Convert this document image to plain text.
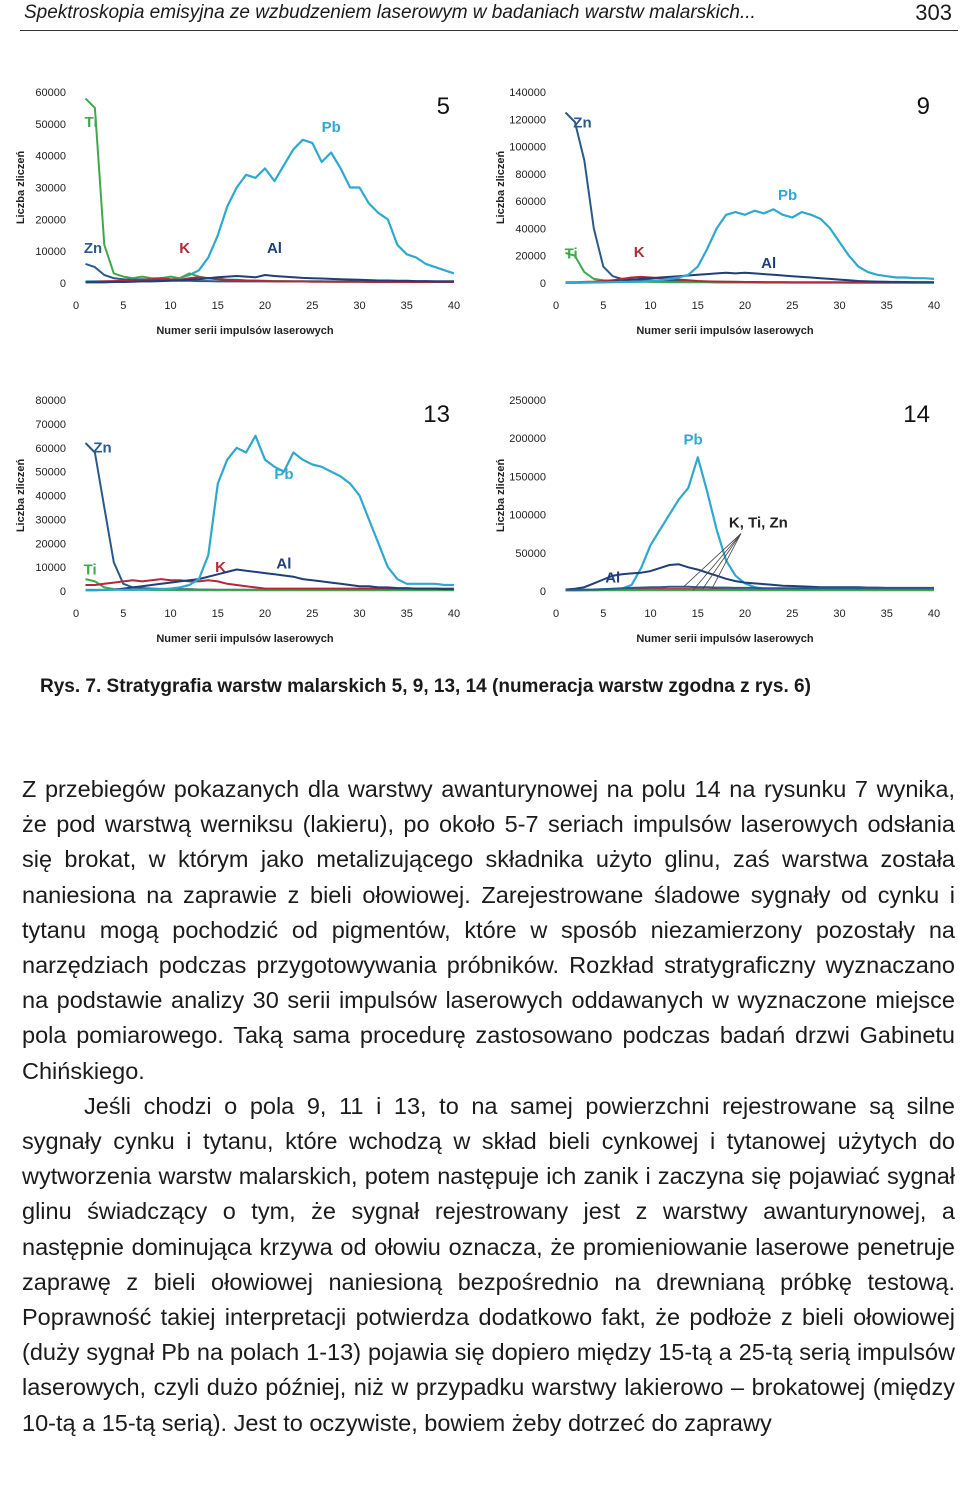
Spektroskopia emisyjna ze wzbudzeniem laserowym w badaniach warstw malarskich...	303
0
10000
20000
30000
40000
50000
60000
0	5	10	15	20	25	30	35	40
Numer serii impulsów laserowych
Liczba zliczeń
5
Pb
Ti
Zn	K	Al
0
20000
40000
60000
80000
100000
120000
140000
0	5	10	15	20	25	30	35	40
Numer serii impulsów laserowych
Liczba zliczeń
9
Zn
Ti	K
Al
Pb
0
10000
20000
30000
40000
50000
60000
70000
80000
0	5	10	15	20	25	30	35	40
Numer serii impulsów laserowych
Liczba zliczeń
13
Zn
Ti	K	Al
Pb
0
50000
100000
150000
200000
250000
0	5	10	15	20	25	30	35	40
Numer serii impulsów laserowych
Liczba zliczeń
14
Pb
Al
K, Ti, Zn
Rys. 7. Stratygrafia warstw malarskich 5, 9, 13, 14 (numeracja warstw zgodna z rys. 6)

Z przebiegów pokazanych dla warstwy awanturynowej na polu 14 na rysunku 7 wynika, że pod warstwą werniksu (lakieru), po około 5-7 seriach impulsów laserowych odsłania się brokat, w którym jako metalizującego składnika użyto glinu, zaś warstwa została naniesiona na zaprawie z bieli ołowiowej. Zarejestrowane śladowe sygnały od cynku i tytanu mogą pochodzić od pigmentów, które w sposób niezamierzony pozostały na narzędziach podczas przygotowywania próbników. Rozkład stratygraficzny wyznaczano na podstawie analizy 30 serii impulsów laserowych oddawanych w wyznaczone miejsce pola pomiarowego. Taką sama procedurę zastosowano podczas badań drzwi Gabinetu Chińskiego.

Jeśli chodzi o pola 9, 11 i 13, to na samej powierzchni rejestrowane są silne sygnały cynku i tytanu, które wchodzą w skład bieli cynkowej i tytanowej użytych do wytworzenia warstw malarskich, potem następuje ich zanik i zaczyna się pojawiać sygnał glinu świadczący o tym, że sygnał rejestrowany jest z warstwy awanturynowej, a następnie dominująca krzywa od ołowiu oznacza, że promieniowanie laserowe penetruje zaprawę z bieli ołowiowej naniesioną bezpośrednio na drewnianą próbkę testową. Poprawność takiej interpretacji potwierdza dodatkowo fakt, że podłoże z bieli ołowiowej (duży sygnał Pb na polach 1-13) pojawia się dopiero między 15-tą a 25-tą serią impulsów laserowych, czyli dużo później, niż w przypadku warstwy lakierowo – brokatowej (między 10-tą a 15-tą serią). Jest to oczywiste, bowiem żeby dotrzeć do zaprawy
